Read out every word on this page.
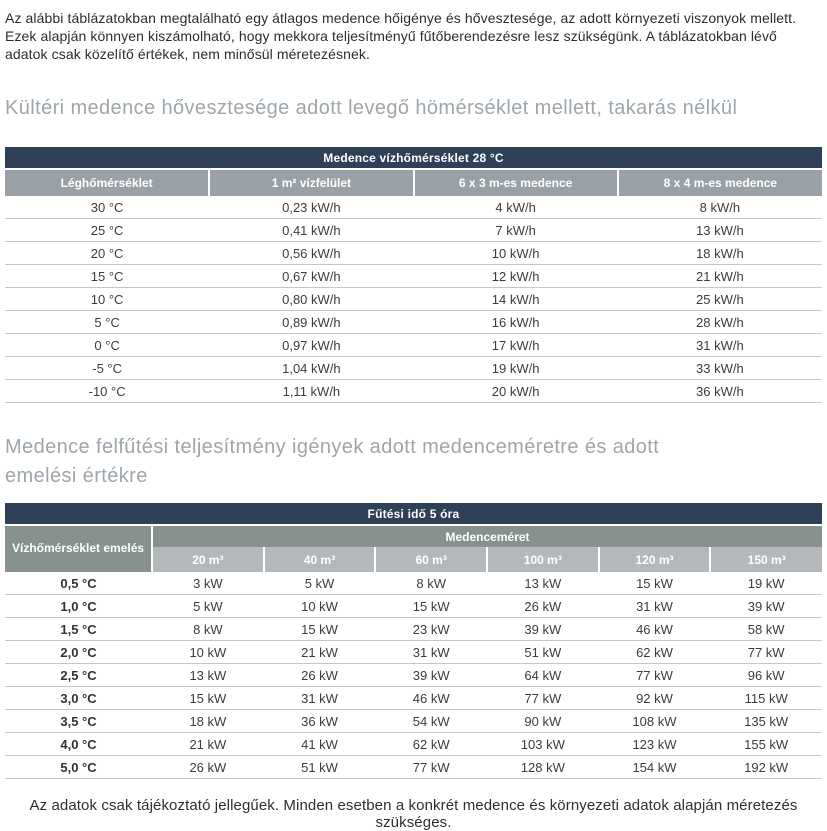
Az alábbi táblázatokban megtalálható egy átlagos medence hőigénye és hővesztesége, az adott környezeti viszonyok mellett. Ezek alapján könnyen kiszámolható, hogy mekkora teljesítményű fűtőberendezésre lesz szükségünk. A táblázatokban lévő adatok csak közelítő értékek, nem minősül méretezésnek.

Kültéri medence hővesztesége adott levegő hömérséklet mellett, takarás nélkül
Medence vízhőmérséklet 28 °C			
Léghőmérséklet	1 m² vízfelület	6 x 3 m-es medence	8 x 4 m-es medence
30 °C	0,23 kW/h	4 kW/h	8 kW/h
25 °C	0,41 kW/h	7 kW/h	13 kW/h
20 °C	0,56 kW/h	10 kW/h	18 kW/h
15 °C	0,67 kW/h	12 kW/h	21 kW/h
10 °C	0,80 kW/h	14 kW/h	25 kW/h
5 °C	0,89 kW/h	16 kW/h	28 kW/h
0 °C	0,97 kW/h	17 kW/h	31 kW/h
-5 °C	1,04 kW/h	19 kW/h	33 kW/h
-10 °C	1,11 kW/h	20 kW/h	36 kW/h
Medence felfűtési teljesítmény igények adott medenceméretre és adott
emelési értékre
Fűtési idő 5 óra						
Vízhőmérséklet emelés	Medenceméret					
	20 m³	40 m³	60 m³	100 m³	120 m³	150 m³
0,5 °C	3 kW	5 kW	8 kW	13 kW	15 kW	19 kW
1,0 °C	5 kW	10 kW	15 kW	26 kW	31 kW	39 kW
1,5 °C	8 kW	15 kW	23 kW	39 kW	46 kW	58 kW
2,0 °C	10 kW	21 kW	31 kW	51 kW	62 kW	77 kW
2,5 °C	13 kW	26 kW	39 kW	64 kW	77 kW	96 kW
3,0 °C	15 kW	31 kW	46 kW	77 kW	92 kW	115 kW
3,5 °C	18 kW	36 kW	54 kW	90 kW	108 kW	135 kW
4,0 °C	21 kW	41 kW	62 kW	103 kW	123 kW	155 kW
5,0 °C	26 kW	51 kW	77 kW	128 kW	154 kW	192 kW

Az adatok csak tájékoztató jellegűek. Minden esetben a konkrét medence és környezeti adatok alapján méretezés szükséges.
